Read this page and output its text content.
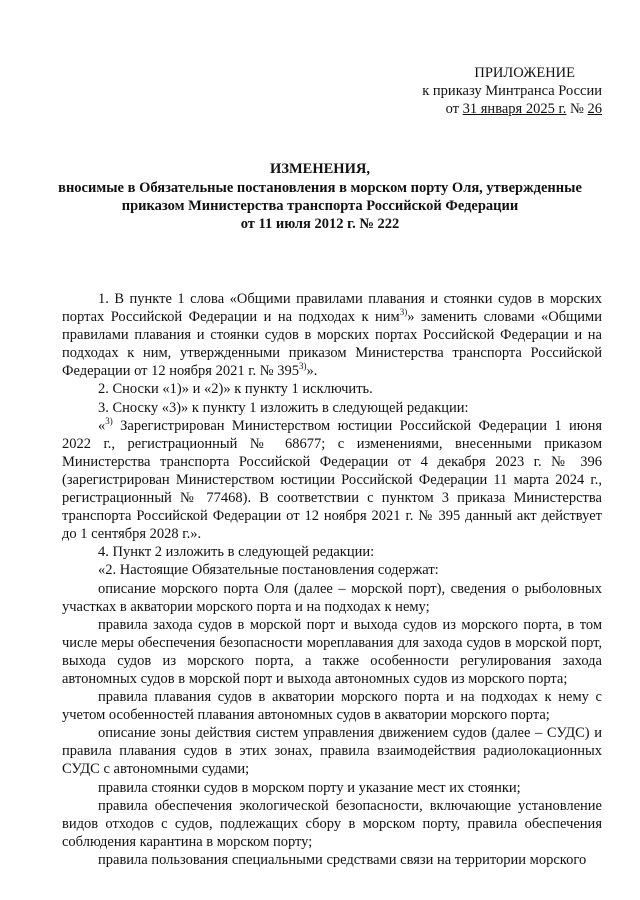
ПРИЛОЖЕНИЕ
к приказу Минтранса России
от 31 января 2025 г. № 26
ИЗМЕНЕНИЯ,
вносимые в Обязательные постановления в морском порту Оля, утвержденные
приказом Министерства транспорта Российской Федерации
от 11 июля 2012 г. № 222

1. В пункте 1 слова «Общими правилами плавания и стоянки судов в морских портах Российской Федерации и на подходах к ним$^{3)}$» заменить словами «Общими правилами плавания и стоянки судов в морских портах Российской Федерации и на подходах к ним, утвержденными приказом Министерства транспорта Российской Федерации от 12 ноября 2021 г. № 395$^{3)}$».

2. Сноски «1)» и «2)» к пункту 1 исключить.

3. Сноску «3)» к пункту 1 изложить в следующей редакции:

«$^{3)}$ Зарегистрирован Министерством юстиции Российской Федерации 1 июня 2022 г., регистрационный № 68677; с изменениями, внесенными приказом Министерства транспорта Российской Федерации от 4 декабря 2023 г. № 396 (зарегистрирован Министерством юстиции Российской Федерации 11 марта 2024 г., регистрационный № 77468). В соответствии с пунктом 3 приказа Министерства транспорта Российской Федерации от 12 ноября 2021 г. № 395 данный акт действует до 1 сентября 2028 г.».

4. Пункт 2 изложить в следующей редакции:

«2. Настоящие Обязательные постановления содержат:

описание морского порта Оля (далее – морской порт), сведения о рыболовных участках в акватории морского порта и на подходах к нему;

правила захода судов в морской порт и выхода судов из морского порта, в том числе меры обеспечения безопасности мореплавания для захода судов в морской порт, выхода судов из морского порта, а также особенности регулирования захода автономных судов в морской порт и выхода автономных судов из морского порта;

правила плавания судов в акватории морского порта и на подходах к нему с учетом особенностей плавания автономных судов в акватории морского порта;

описание зоны действия систем управления движением судов (далее – СУДС) и правила плавания судов в этих зонах, правила взаимодействия радиолокационных СУДС с автономными судами;

правила стоянки судов в морском порту и указание мест их стоянки;

правила обеспечения экологической безопасности, включающие установление видов отходов с судов, подлежащих сбору в морском порту, правила обеспечения соблюдения карантина в морском порту;

правила пользования специальными средствами связи на территории морского
